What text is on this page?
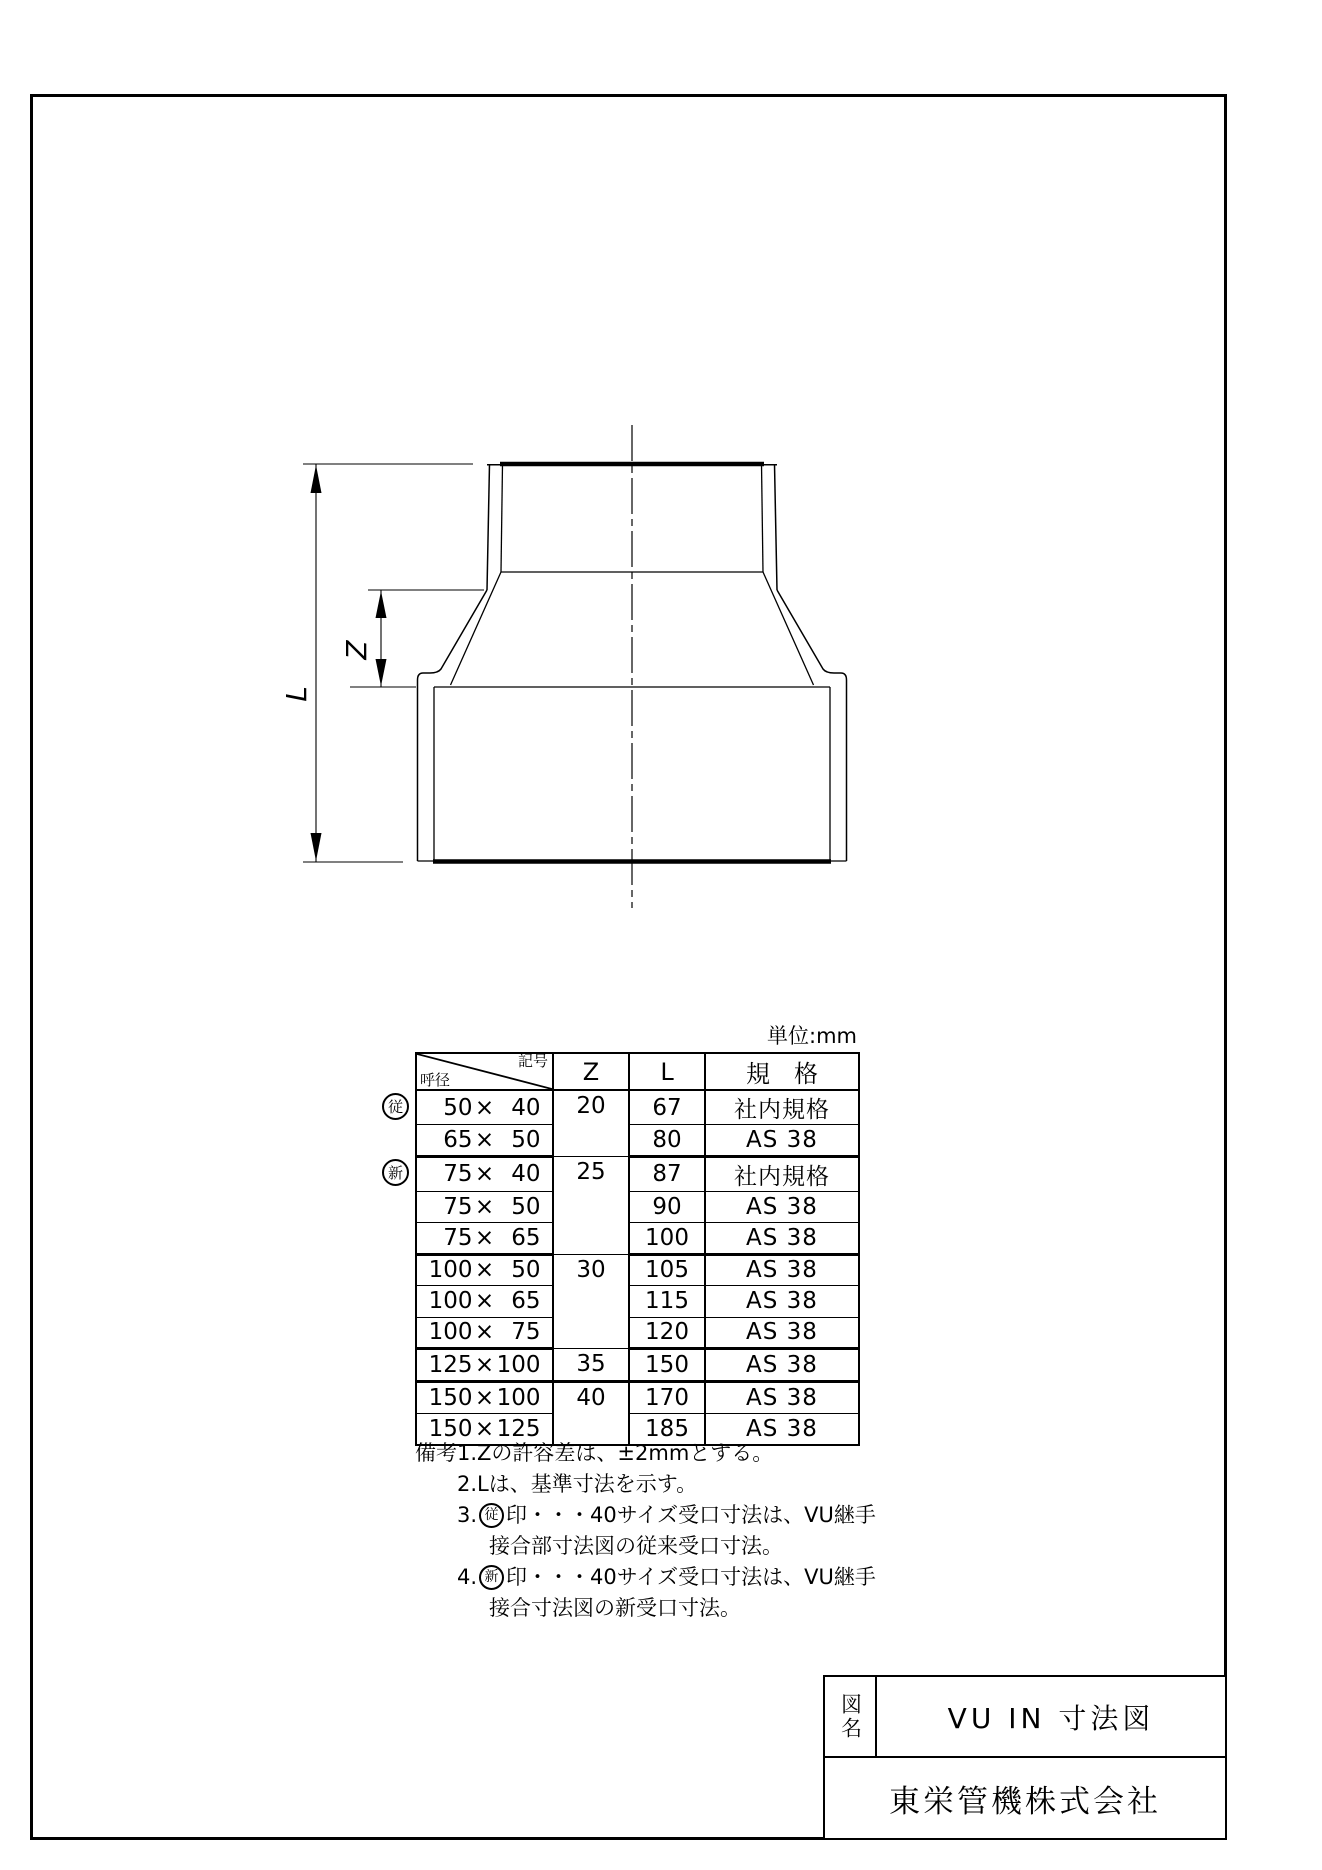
L
Z
単位:mm
記号
呼径	Z	L	規　格
50 × 40	20	67	社内規格
65 × 50		80	AS 38
75 × 40	25	87	社内規格
75 × 50		90	AS 38
75 × 65		100	AS 38
100 × 50	30	105	AS 38
100 × 65		115	AS 38
100 × 75		120	AS 38
125 × 100	35	150	AS 38
150 × 100	40	170	AS 38
150 × 125		185	AS 38
従
新
備考 1. Zの許容差は、±2mmとする。
2. Lは、基準寸法を示す。
3. 従 印・・・40サイズ受口寸法は、VU継手
接合部寸法図の従来受口寸法。
4. 新 印・・・40サイズ受口寸法は、VU継手
接合寸法図の新受口寸法。
図名	VU IN 寸法図
東栄管機株式会社
